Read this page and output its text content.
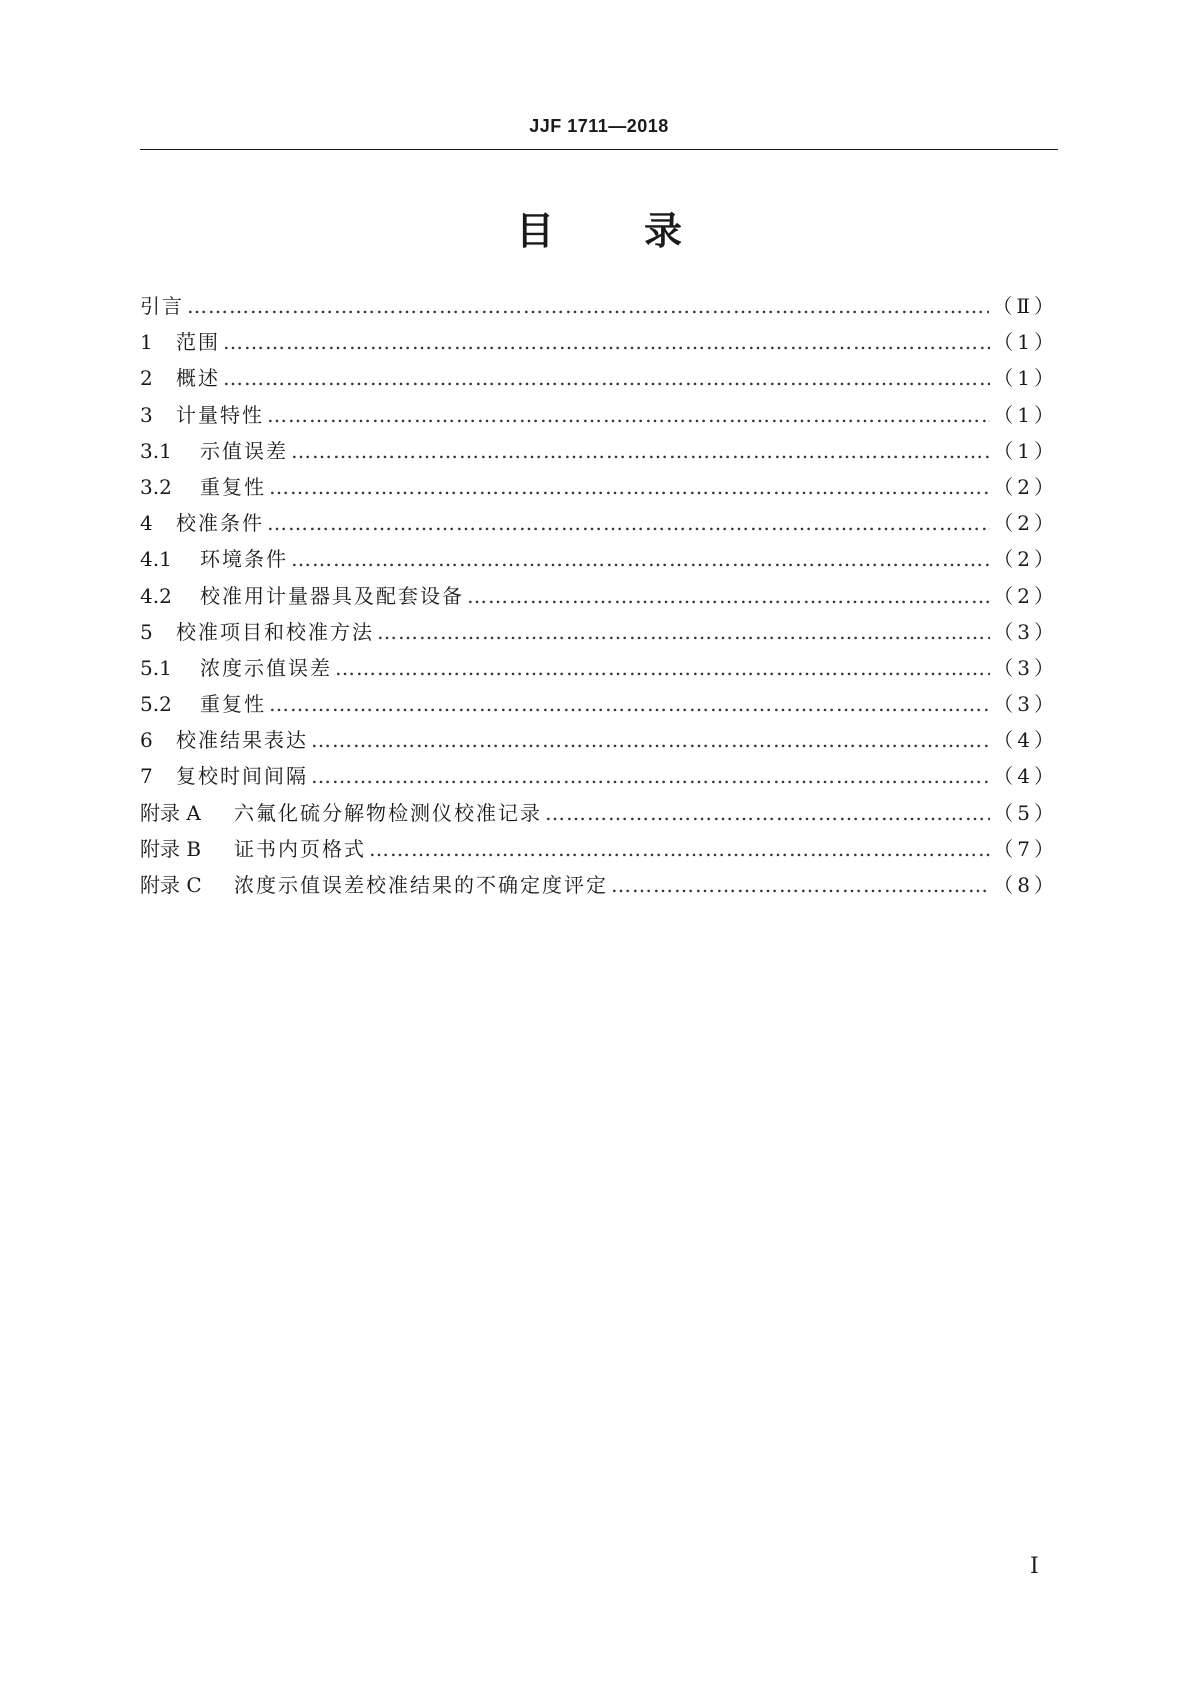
JJF 1711—2018
目 录
引言 ……………………………………………………………………………………………………………………………………………………………………	（Ⅱ）
1	范围 ……………………………………………………………………………………………………………………………………………………………………	（1）
2	概述 ……………………………………………………………………………………………………………………………………………………………………	（1）
3	计量特性 ……………………………………………………………………………………………………………………………………………………………………	（1）
3.1	示值误差 ……………………………………………………………………………………………………………………………………………………………………	（1）
3.2	重复性 ……………………………………………………………………………………………………………………………………………………………………	（2）
4	校准条件 ……………………………………………………………………………………………………………………………………………………………………	（2）
4.1	环境条件 ……………………………………………………………………………………………………………………………………………………………………	（2）
4.2	校准用计量器具及配套设备 ……………………………………………………………………………………………………………………………………………………………………	（2）
5	校准项目和校准方法 ……………………………………………………………………………………………………………………………………………………………………	（3）
5.1	浓度示值误差 ……………………………………………………………………………………………………………………………………………………………………	（3）
5.2	重复性 ……………………………………………………………………………………………………………………………………………………………………	（3）
6	校准结果表达 ……………………………………………………………………………………………………………………………………………………………………	（4）
7	复校时间间隔 ……………………………………………………………………………………………………………………………………………………………………	（4）
附录 A	六氟化硫分解物检测仪校准记录 ……………………………………………………………………………………………………………………………………………………………………	（5）
附录 B	证书内页格式 ……………………………………………………………………………………………………………………………………………………………………	（7）
附录 C	浓度示值误差校准结果的不确定度评定 ……………………………………………………………………………………………………………………………………………………………………	（8）
Ⅰ
